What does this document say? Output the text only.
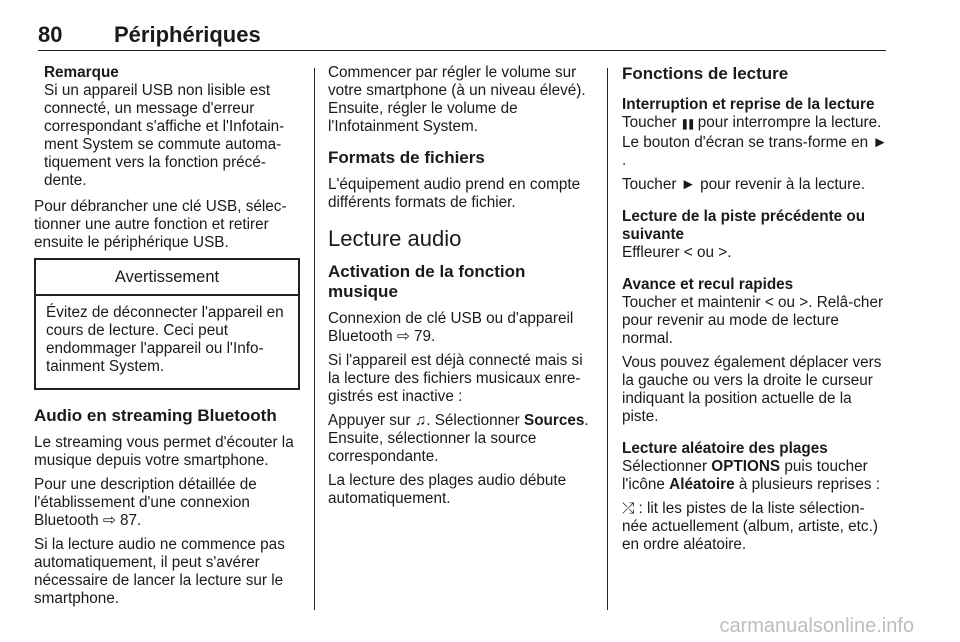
80 Périphériques
Remarque
Si un appareil USB non lisible est connecté, un message d'erreur correspondant s'affiche et l'Infotain-ment System se commute automa-tiquement vers la fonction précé-dente.

Pour débrancher une clé USB, sélec-tionner une autre fonction et retirer ensuite le périphérique USB.

Avertissement
Évitez de déconnecter l'appareil en cours de lecture. Ceci peut endommager l'appareil ou l'Info-tainment System.
Audio en streaming Bluetooth

Le streaming vous permet d'écouter la musique depuis votre smartphone.

Pour une description détaillée de l'établissement d'une connexion Bluetooth ⇨ 87.

Si la lecture audio ne commence pas automatiquement, il peut s'avérer nécessaire de lancer la lecture sur le smartphone.

Commencer par régler le volume sur votre smartphone (à un niveau élevé). Ensuite, régler le volume de l'Infotainment System.

Formats de fichiers

L'équipement audio prend en compte différents formats de fichier.

Lecture audio
Activation de la fonction musique

Connexion de clé USB ou d'appareil Bluetooth ⇨ 79.

Si l'appareil est déjà connecté mais si la lecture des fichiers musicaux enre-gistrés est inactive :

Appuyer sur ♫. Sélectionner Sources. Ensuite, sélectionner la source correspondante.

La lecture des plages audio débute automatiquement.

Fonctions de lecture
Interruption et reprise de la lecture

Toucher ❚❚ pour interrompre la lecture. Le bouton d'écran se trans-forme en ►.

Toucher ► pour revenir à la lecture.

Lecture de la piste précédente ou suivante

Effleurer < ou >.

Avance et recul rapides

Toucher et maintenir < ou >. Relâ-cher pour revenir au mode de lecture normal.

Vous pouvez également déplacer vers la gauche ou vers la droite le curseur indiquant la position actuelle de la piste.

Lecture aléatoire des plages

Sélectionner OPTIONS puis toucher l'icône Aléatoire à plusieurs reprises :

⤮ : lit les pistes de la liste sélection-née actuellement (album, artiste, etc.) en ordre aléatoire.

carmanualsonline.info
